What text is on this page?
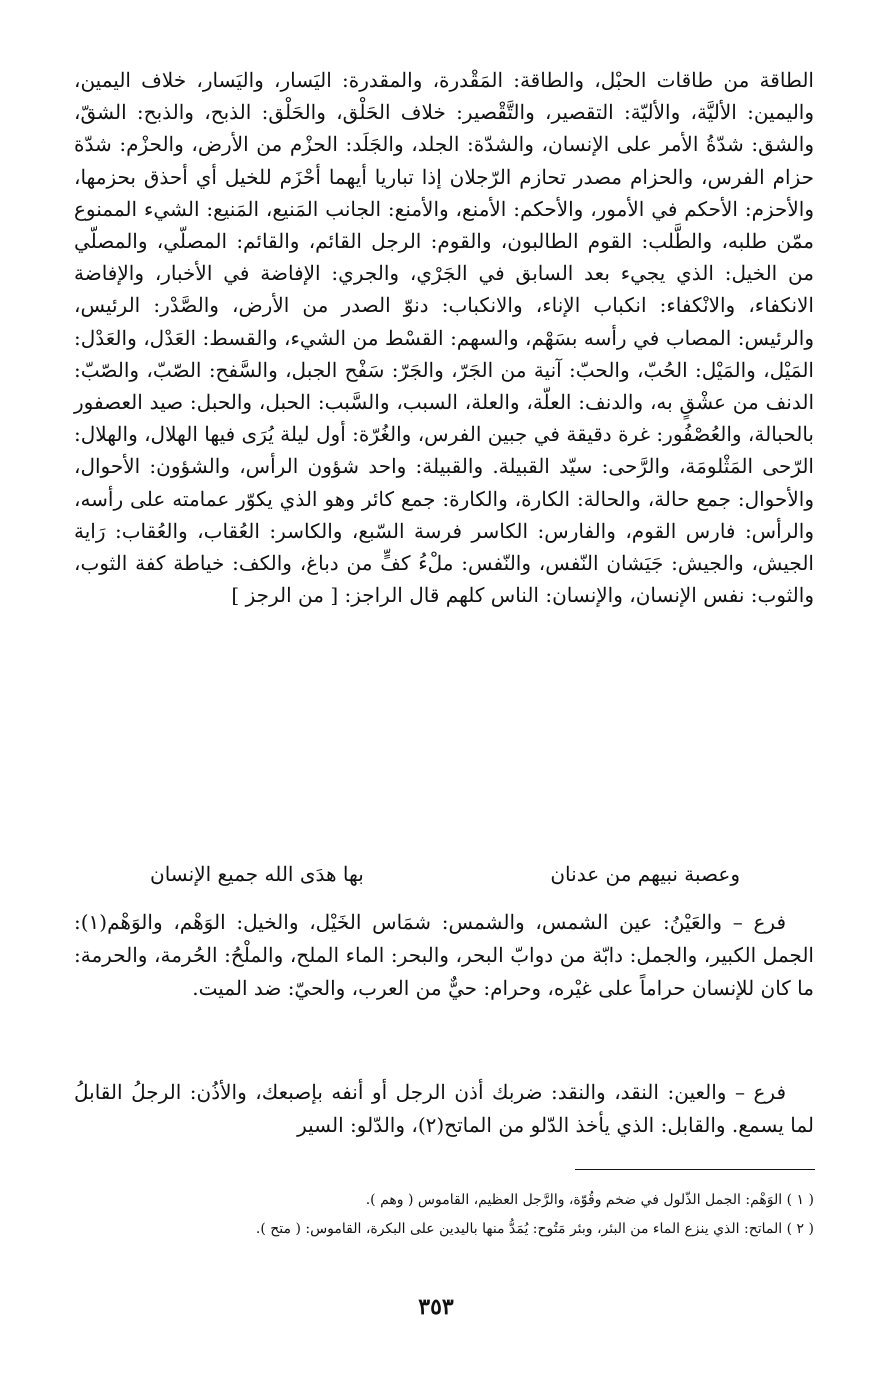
الطاقة من طاقات الحبْل، والطاقة: المَقْدرة، والمقدرة: اليَسار، واليَسار، خلاف اليمين، واليمين: الأليَّة، والأليّة: التقصير، والتَّقْصير: خلاف الحَلْق، والحَلْق: الذبح، والذبح: الشقّ، والشق: شدّةُ الأمر على الإنسان، والشدّة: الجلد، والجَلَد: الحزْم من الأرض، والحزْم: شدّة حزام الفرس، والحزام مصدر تحازم الرّجلان إذا تباريا أيهما أحْزَم للخيل أي أحذق بحزمها، والأحزم: الأحكم في الأمور، والأحكم: الأمنع، والأمنع: الجانب المَنيع، المَنيع: الشيء الممنوع ممّن طلبه، والطَّلب: القوم الطالبون، والقوم: الرجل القائم، والقائم: المصلّي، والمصلّي من الخيل: الذي يجيء بعد السابق في الجَرْي، والجري: الإفاضة في الأخبار، والإفاضة الانكفاء، والانْكفاء: انكباب الإناء، والانكباب: دنوّ الصدر من الأرض، والصَّدْر: الرئيس، والرئيس: المصاب في رأسه بسَهْم، والسهم: القسْط من الشيء، والقسط: العَدْل، والعَدْل: المَيْل، والمَيْل: الحُبّ، والحبّ: آنية من الجَرّ، والجَرّ: سَفْح الجبل، والسَّفح: الصّبّ، والصّبّ: الدنف من عشْقٍ به، والدنف: العلّة، والعلة، السبب، والسَّبب: الحبل، والحبل: صيد العصفور بالحبالة، والعُصْفُور: غرة دقيقة في جبين الفرس، والغُرّة: أول ليلة يُرَى فيها الهلال، والهلال: الرّحى المَثْلومَة، والرَّحى: سيّد القبيلة. والقبيلة: واحد شؤون الرأس، والشؤون: الأحوال، والأحوال: جمع حالة، والحالة: الكارة، والكارة: جمع كائر وهو الذي يكوّر عمامته على رأسه، والرأس: فارس القوم، والفارس: الكاسر فرسة السّبع، والكاسر: العُقاب، والعُقاب: رَاية الجيش، والجيش: جَيَشان النّفس، والنّفس: ملْءُ كفٍّ من دباغ، والكف: خياطة كفة الثوب، والثوب: نفس الإنسان، والإنسان: الناس كلهم قال الراجز: [ من الرجز ]

وعصبة نبيهم من عدنان
بها هدَى الله جميع الإنسان

فرع – والعَيْنُ: عين الشمس، والشمس: شمَاس الخَيْل، والخيل: الوَهْم، والوَهْم(١): الجمل الكبير، والجمل: دابّة من دوابّ البحر، والبحر: الماء الملح، والملْحُ: الحُرمة، والحرمة: ما كان للإنسان حراماً على غيْره، وحرام: حيٌّ من العرب، والحيّ: ضد الميت.

فرع – والعين: النقد، والنقد: ضربك أذن الرجل أو أنفه بإصبعك، والأذُن: الرجلُ القابلُ لما يسمع. والقابل: الذي يأخذ الدّلو من الماتح(٢)، والدّلو: السير

( ١ ) الوَهْم: الجمل الذّلول في ضخم وقُوّة، والرَّجل العظيم، القاموس ( وهم ).

( ٢ ) الماتح: الذي ينزع الماء من البئر، وبئر مَتُوح: يُمَدُّ منها باليدين على البكرة، القاموس: ( متح ).

٣٥٣
